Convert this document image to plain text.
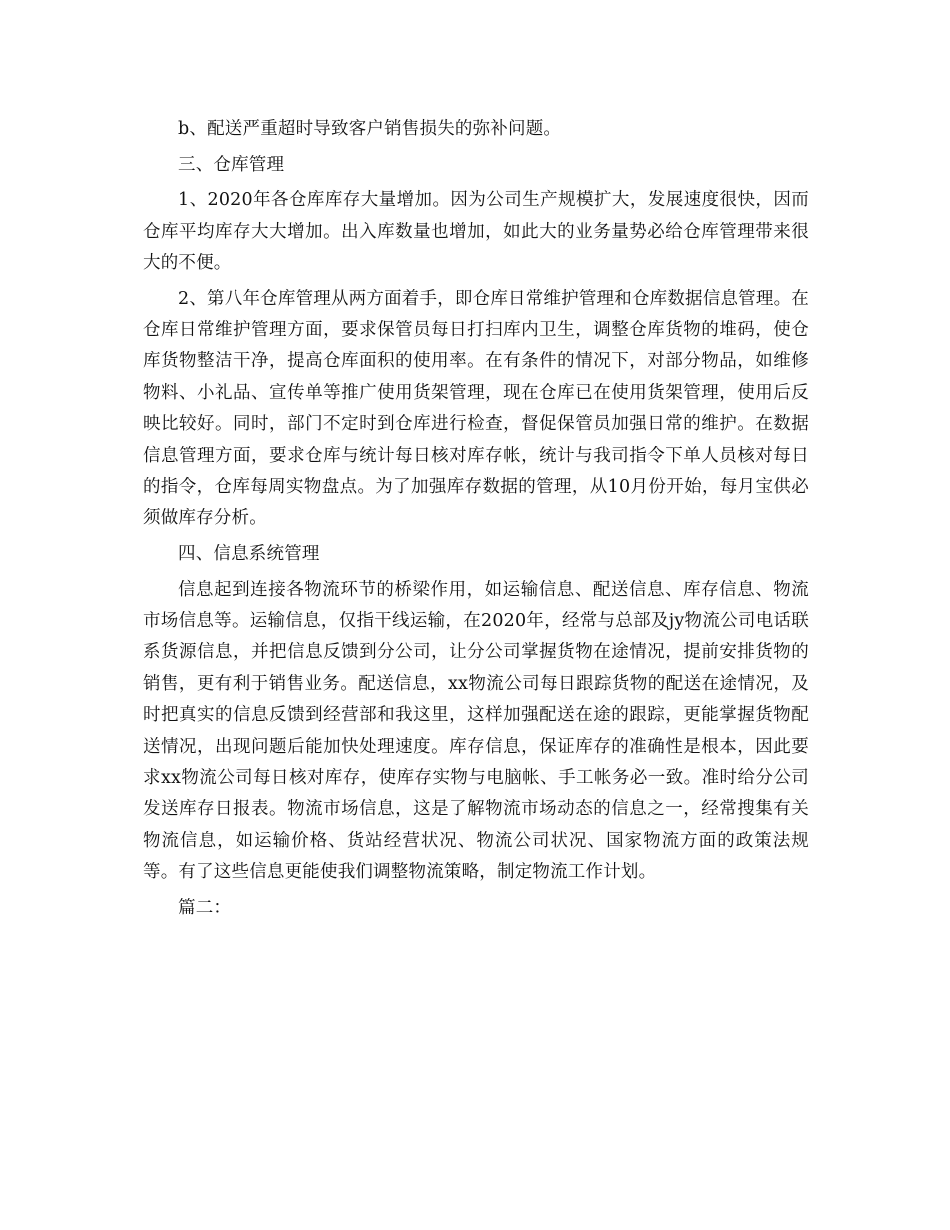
b、配送严重超时导致客户销售损失的弥补问题。

三、仓库管理

1、2020年各仓库库存大量增加。因为公司生产规模扩大，发展速度很快，因而仓库平均库存大大增加。出入库数量也增加，如此大的业务量势必给仓库管理带来很大的不便。

2、第八年仓库管理从两方面着手，即仓库日常维护管理和仓库数据信息管理。在仓库日常维护管理方面，要求保管员每日打扫库内卫生，调整仓库货物的堆码，使仓库货物整洁干净，提高仓库面积的使用率。在有条件的情况下，对部分物品，如维修物料、小礼品、宣传单等推广使用货架管理，现在仓库已在使用货架管理，使用后反映比较好。同时，部门不定时到仓库进行检查，督促保管员加强日常的维护。在数据信息管理方面，要求仓库与统计每日核对库存帐，统计与我司指令下单人员核对每日的指令，仓库每周实物盘点。为了加强库存数据的管理，从10月份开始，每月宝供必须做库存分析。

四、信息系统管理

信息起到连接各物流环节的桥梁作用，如运输信息、配送信息、库存信息、物流市场信息等。运输信息，仅指干线运输，在2020年，经常与总部及jy物流公司电话联系货源信息，并把信息反馈到分公司，让分公司掌握货物在途情况，提前安排货物的销售，更有利于销售业务。配送信息，xx物流公司每日跟踪货物的配送在途情况，及时把真实的信息反馈到经营部和我这里，这样加强配送在途的跟踪，更能掌握货物配送情况，出现问题后能加快处理速度。库存信息，保证库存的准确性是根本，因此要求xx物流公司每日核对库存，使库存实物与电脑帐、手工帐务必一致。准时给分公司发送库存日报表。物流市场信息，这是了解物流市场动态的信息之一，经常搜集有关物流信息，如运输价格、货站经营状况、物流公司状况、国家物流方面的政策法规等。有了这些信息更能使我们调整物流策略，制定物流工作计划。

篇二：
